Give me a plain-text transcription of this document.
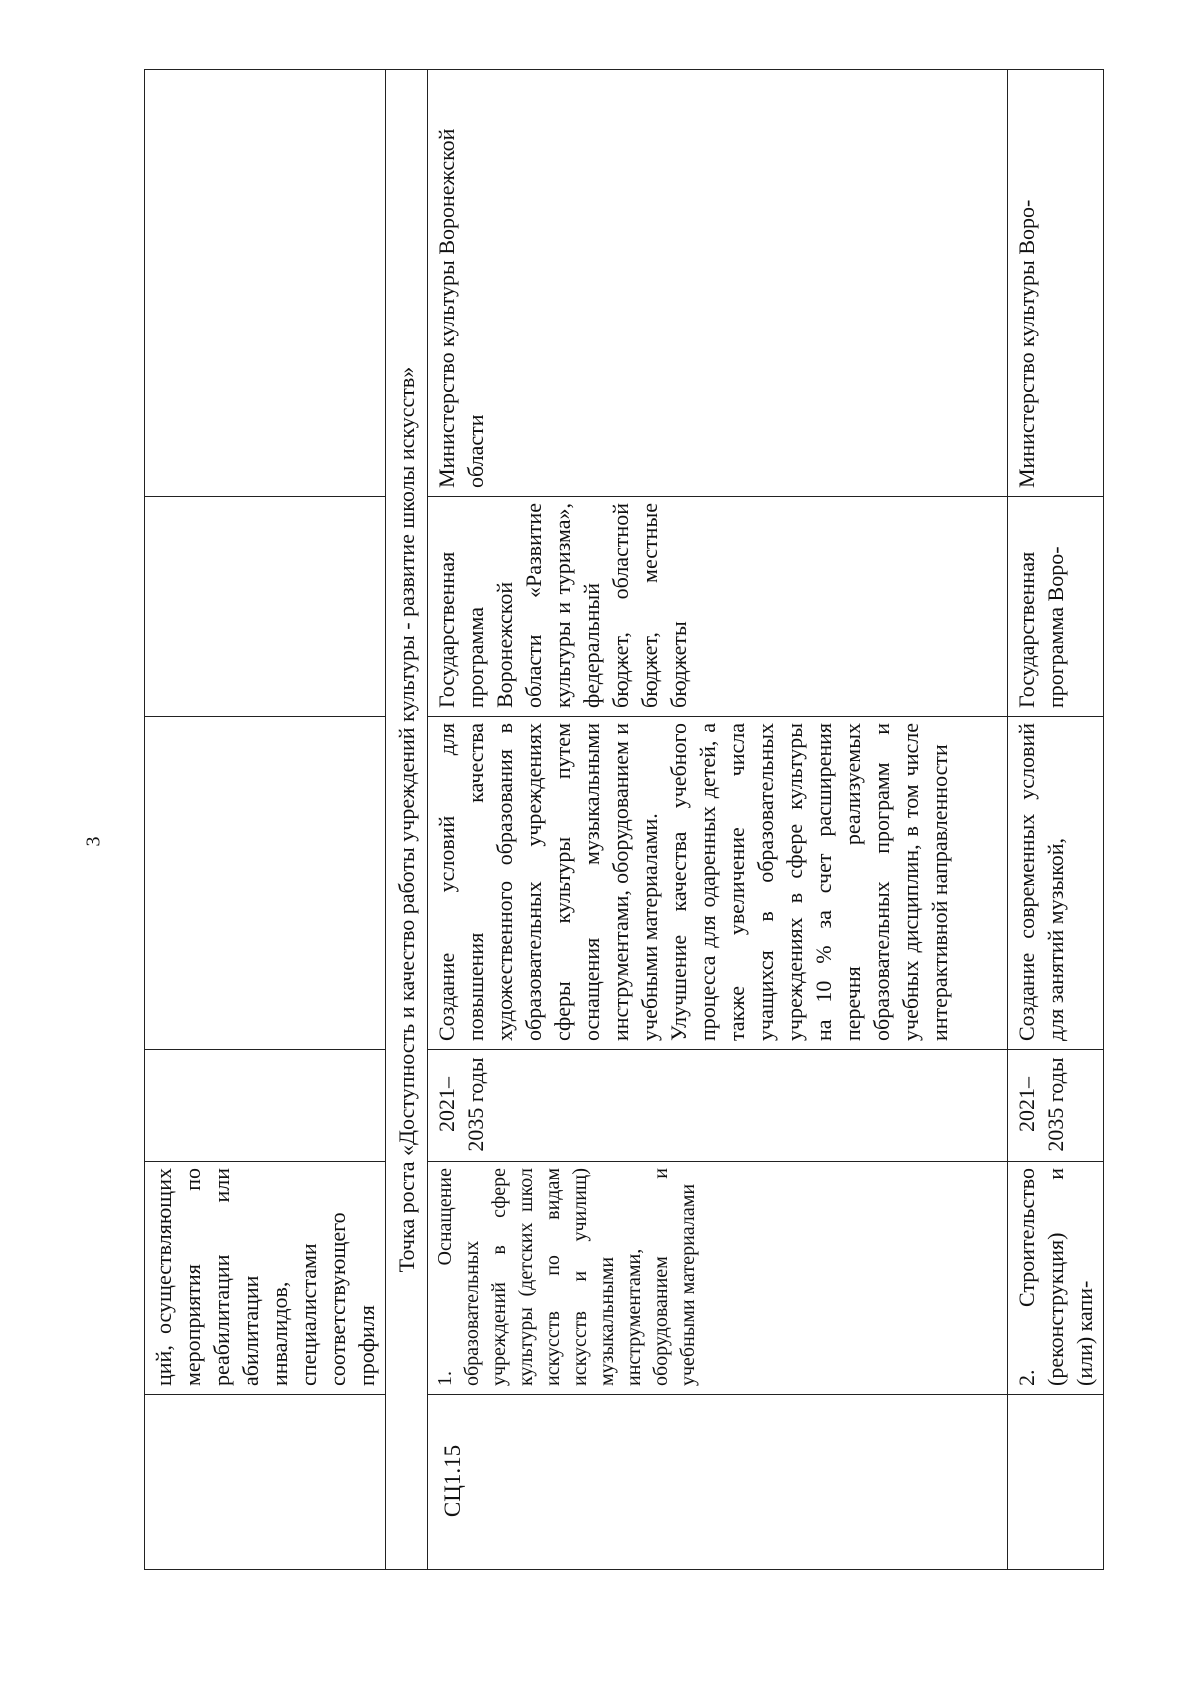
3
	ций, осуществляющих мероприятия по реабилитации или абилитации инвалидов, специалистами соответствующего профиля				
Точка роста «Доступность и качество работы учреждений культуры - развитие школы искусств»					
СЦ1.15	1. Оснащение образовательных учреждений в сфере культуры (детских школ искусств по видам искусств и училищ) музыкальными инструментами, оборудованием и учебными материалами	2021–2035 годы	Создание условий для повышения качества художественного образования в образовательных учреждениях сферы культуры путем оснащения музыкальными инструментами, оборудованием и учебными материалами. Улучшение качества учебного процесса для одаренных детей, а также увеличение числа учащихся в образовательных учреждениях в сфере культуры на 10 % за счет расширения перечня реализуемых образовательных программ и учебных дисциплин, в том числе интерактивной направленности	Государственная программа Воронежской области «Развитие культуры и туризма», федеральный бюджет, областной бюджет, местные бюджеты	Министерство культуры Воронежской области
	2. Строительство (реконструкция) и (или) капи-	2021–2035 годы	Создание современных условий для занятий музыкой,	Государственная программа Воро-	Министерство культуры Воро-
